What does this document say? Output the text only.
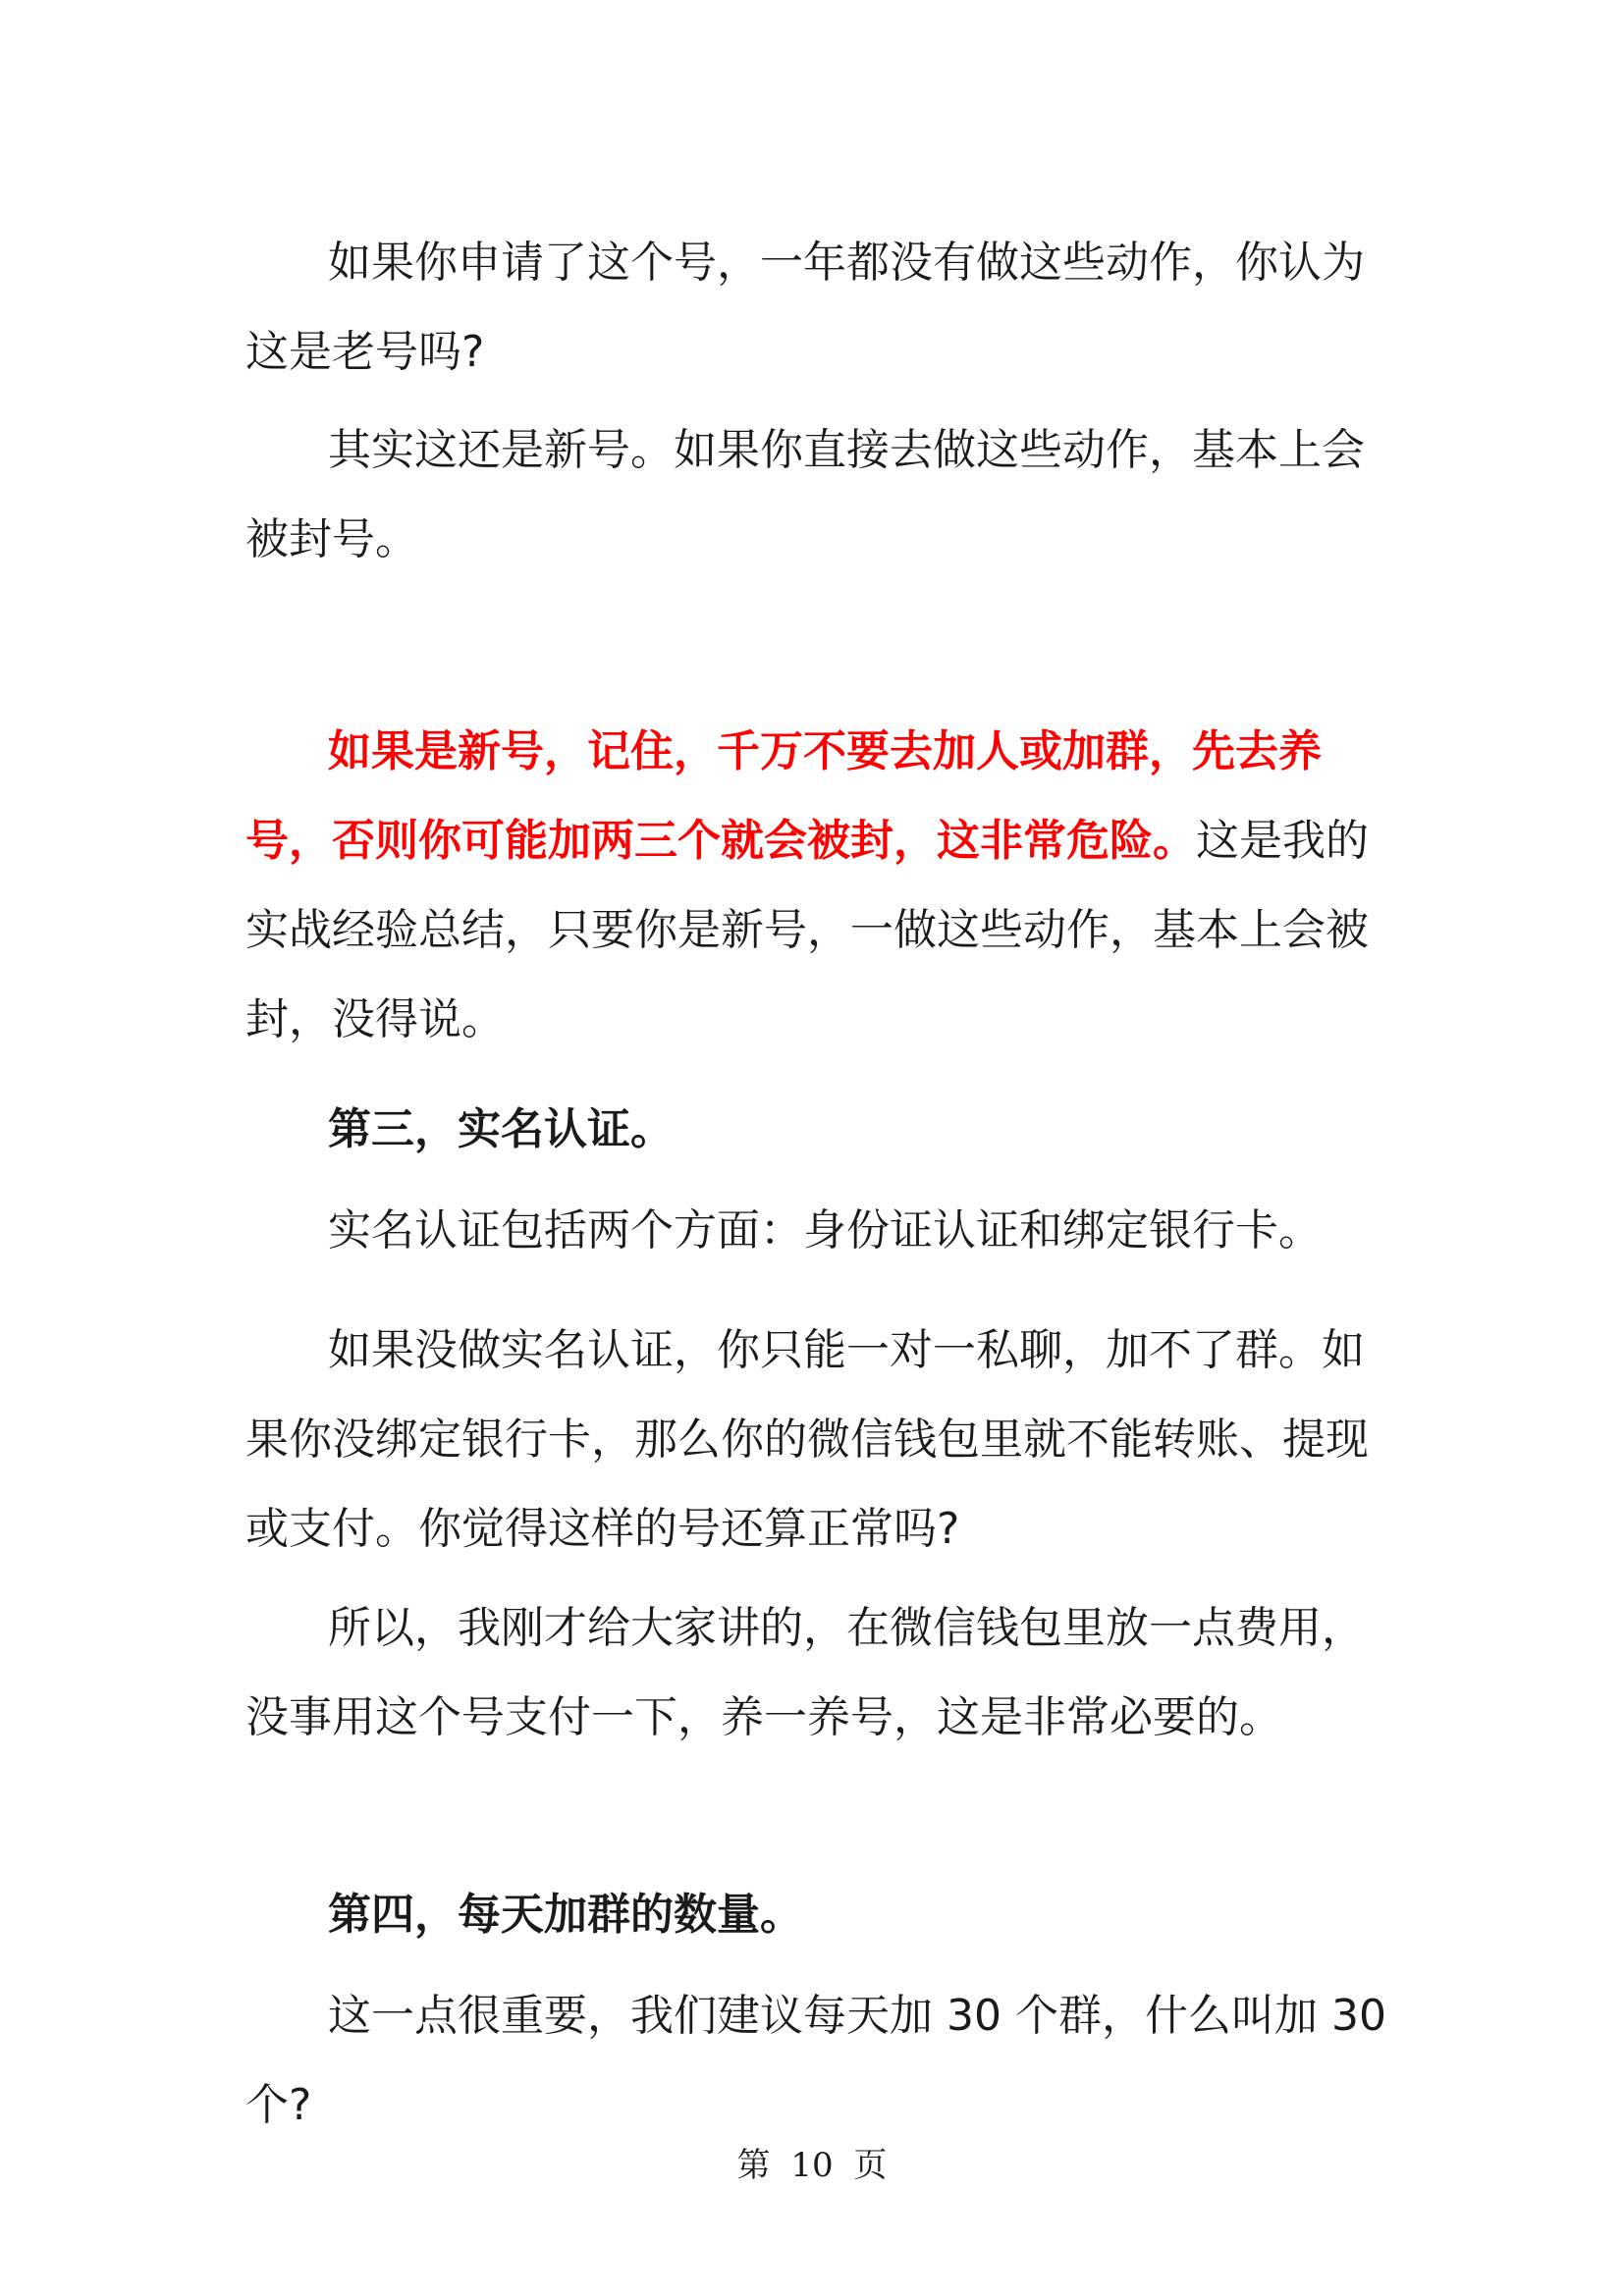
如果你申请了这个号，一年都没有做这些动作，你认为这是老号吗?

其实这还是新号。如果你直接去做这些动作，基本上会被封号。

如果是新号，记住，千万不要去加人或加群，先去养号，否则你可能加两三个就会被封，这非常危险。这是我的实战经验总结，只要你是新号，一做这些动作，基本上会被封，没得说。

第三，实名认证。

实名认证包括两个方面：身份证认证和绑定银行卡。

如果没做实名认证，你只能一对一私聊，加不了群。如果你没绑定银行卡，那么你的微信钱包里就不能转账、提现或支付。你觉得这样的号还算正常吗?

所以，我刚才给大家讲的，在微信钱包里放一点费用，没事用这个号支付一下，养一养号，这是非常必要的。

第四，每天加群的数量。

这一点很重要，我们建议每天加 30 个群，什么叫加 30 个?

第 10 页
